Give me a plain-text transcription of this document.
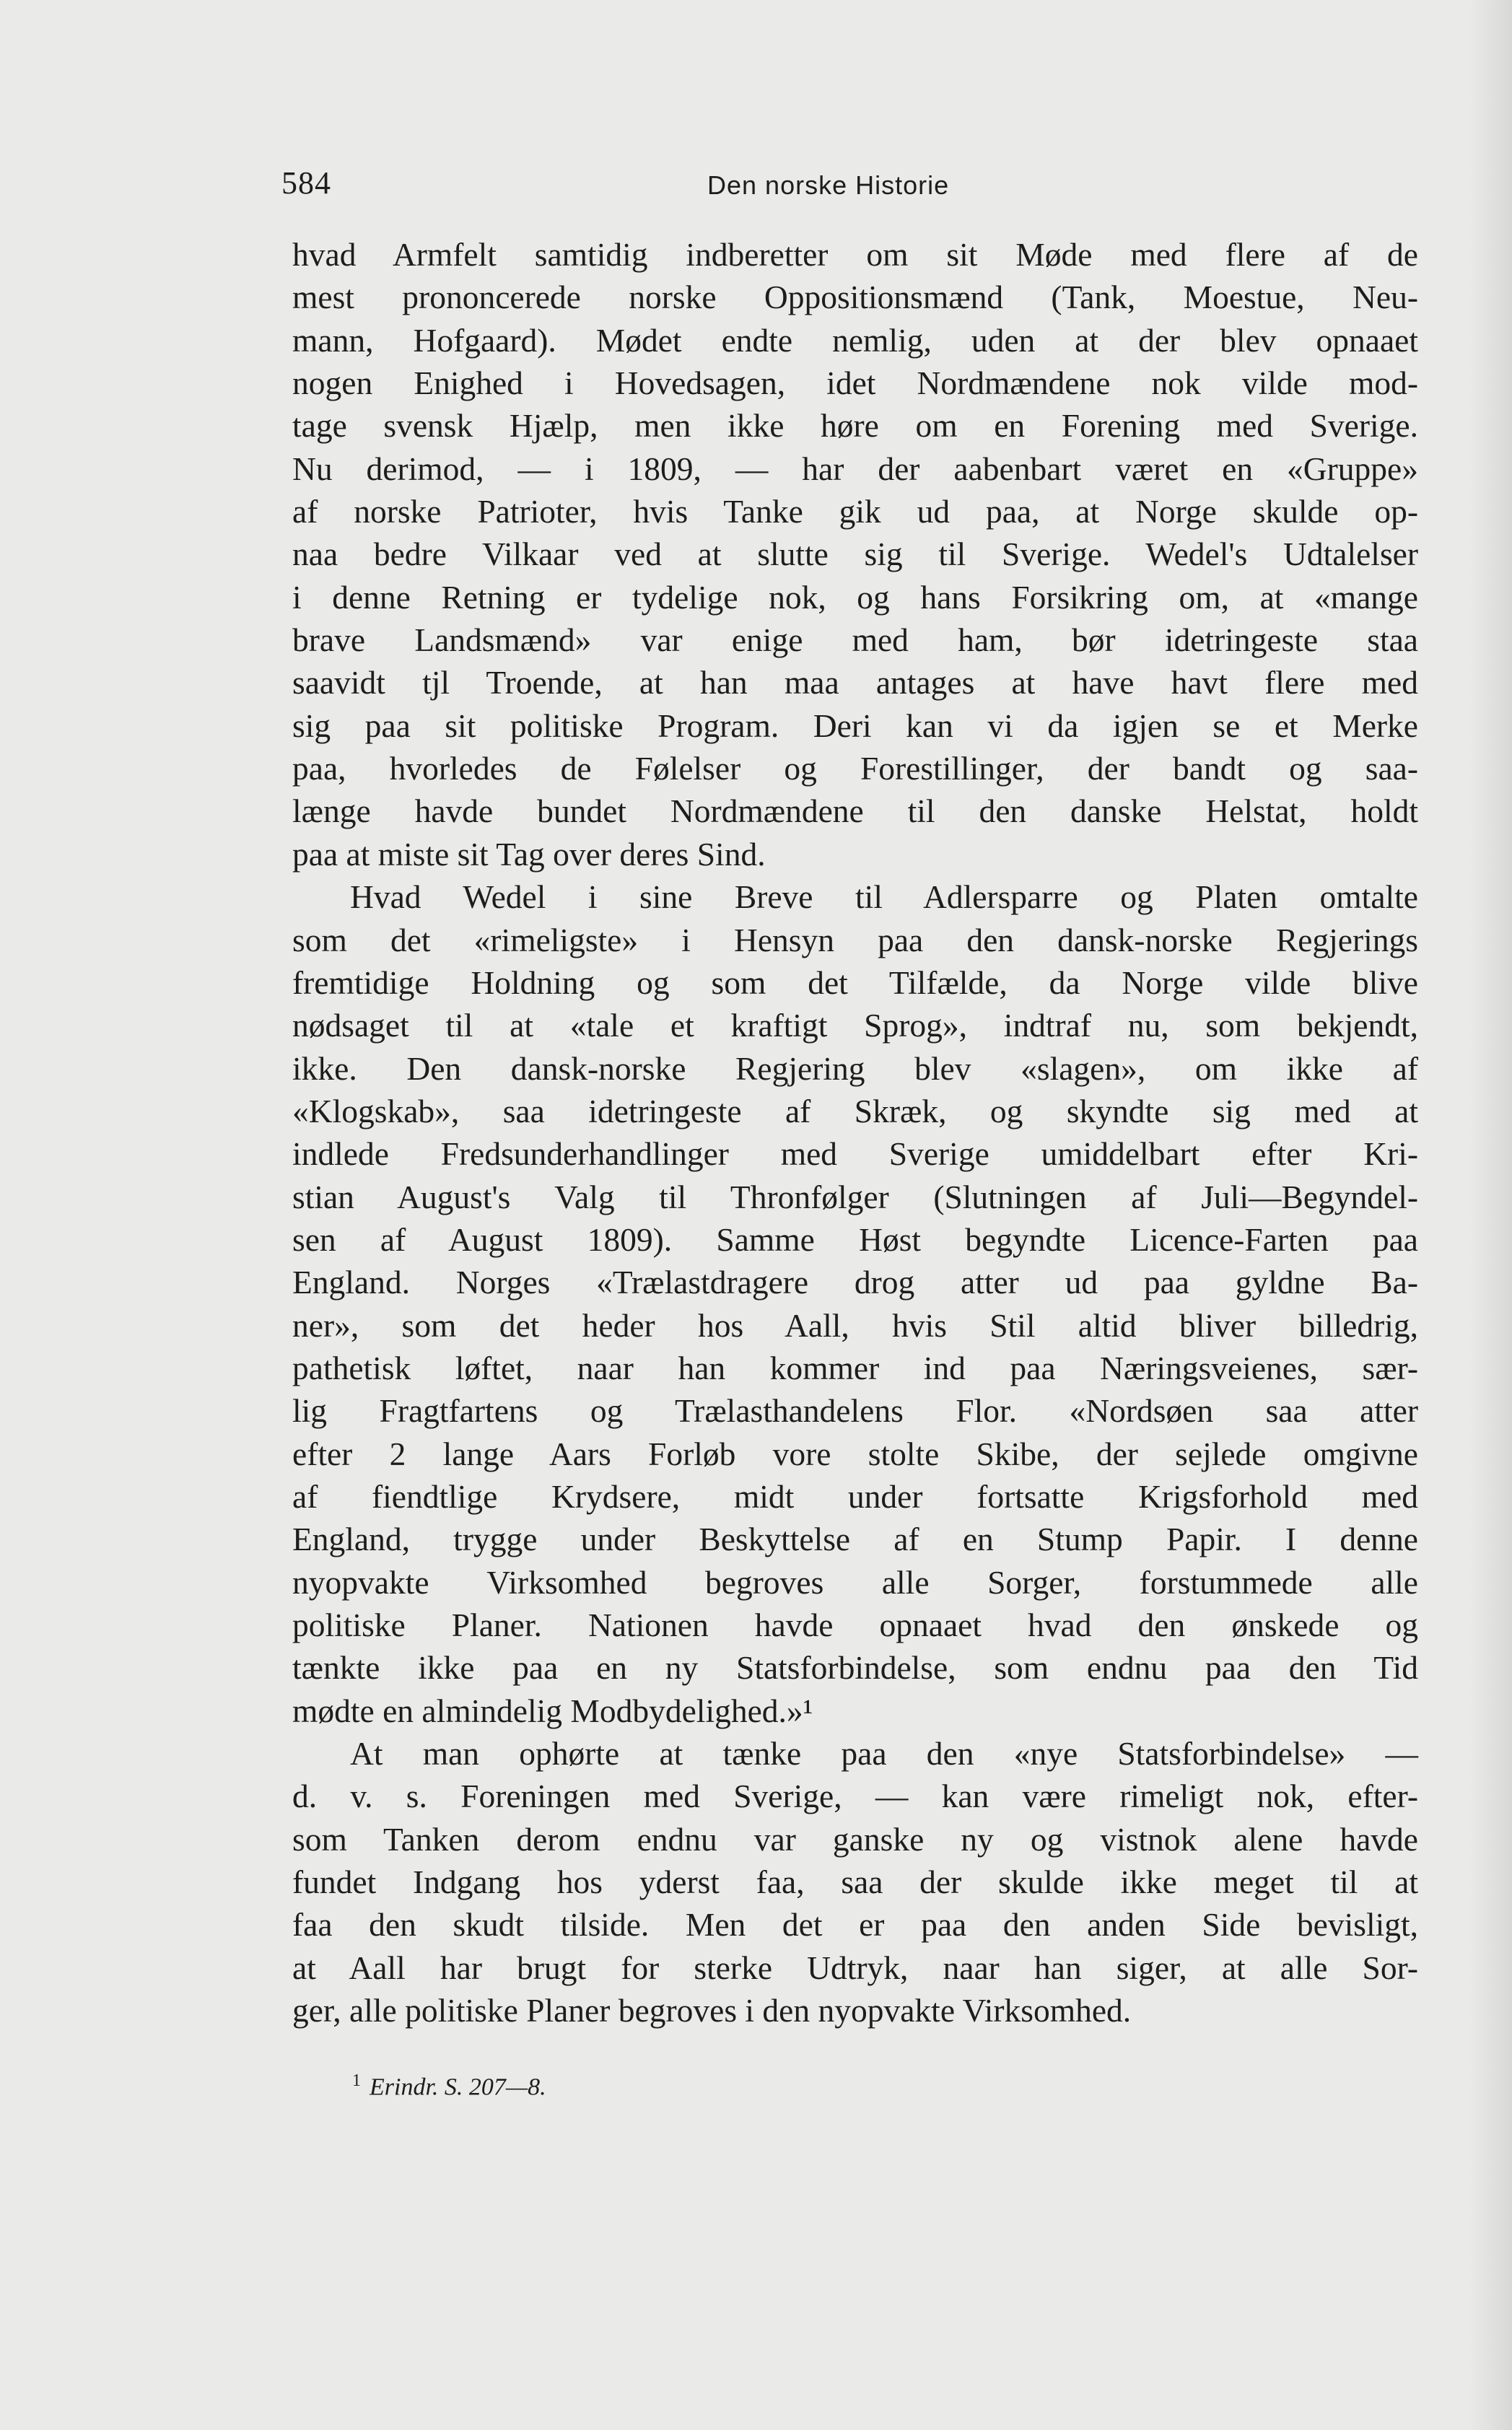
584	Den norske Historie
hvad Armfelt samtidig indberetter om sit Møde med flere af de
mest prononcerede norske Oppositionsmænd (Tank, Moestue, Neu-
mann, Hofgaard). Mødet endte nemlig, uden at der blev opnaaet
nogen Enighed i Hovedsagen, idet Nordmændene nok vilde mod-
tage svensk Hjælp, men ikke høre om en Forening med Sverige.
Nu derimod, — i 1809, — har der aabenbart været en «Gruppe»
af norske Patrioter, hvis Tanke gik ud paa, at Norge skulde op-
naa bedre Vilkaar ved at slutte sig til Sverige. Wedel's Udtalelser
i denne Retning er tydelige nok, og hans Forsikring om, at «mange
brave Landsmænd» var enige med ham, bør idetringeste staa
saavidt tjl Troende, at han maa antages at have havt flere med
sig paa sit politiske Program. Deri kan vi da igjen se et Merke
paa, hvorledes de Følelser og Forestillinger, der bandt og saa-
længe havde bundet Nordmændene til den danske Helstat, holdt
paa at miste sit Tag over deres Sind.
Hvad Wedel i sine Breve til Adlersparre og Platen omtalte
som det «rimeligste» i Hensyn paa den dansk-norske Regjerings
fremtidige Holdning og som det Tilfælde, da Norge vilde blive
nødsaget til at «tale et kraftigt Sprog», indtraf nu, som bekjendt,
ikke. Den dansk-norske Regjering blev «slagen», om ikke af
«Klogskab», saa idetringeste af Skræk, og skyndte sig med at
indlede Fredsunderhandlinger med Sverige umiddelbart efter Kri-
stian August's Valg til Thronfølger (Slutningen af Juli—Begyndel-
sen af August 1809). Samme Høst begyndte Licence-Farten paa
England. Norges «Trælastdragere drog atter ud paa gyldne Ba-
ner», som det heder hos Aall, hvis Stil altid bliver billedrig,
pathetisk løftet, naar han kommer ind paa Næringsveienes, sær-
lig Fragtfartens og Trælasthandelens Flor. «Nordsøen saa atter
efter 2 lange Aars Forløb vore stolte Skibe, der sejlede omgivne
af fiendtlige Krydsere, midt under fortsatte Krigsforhold med
England, trygge under Beskyttelse af en Stump Papir. I denne
nyopvakte Virksomhed begroves alle Sorger, forstummede alle
politiske Planer. Nationen havde opnaaet hvad den ønskede og
tænkte ikke paa en ny Statsforbindelse, som endnu paa den Tid
mødte en almindelig Modbydelighed.»¹
At man ophørte at tænke paa den «nye Statsforbindelse» —
d. v. s. Foreningen med Sverige, — kan være rimeligt nok, efter-
som Tanken derom endnu var ganske ny og vistnok alene havde
fundet Indgang hos yderst faa, saa der skulde ikke meget til at
faa den skudt tilside. Men det er paa den anden Side bevisligt,
at Aall har brugt for sterke Udtryk, naar han siger, at alle Sor-
ger, alle politiske Planer begroves i den nyopvakte Virksomhed.
$^1$ Erindr. S. 207—8.
